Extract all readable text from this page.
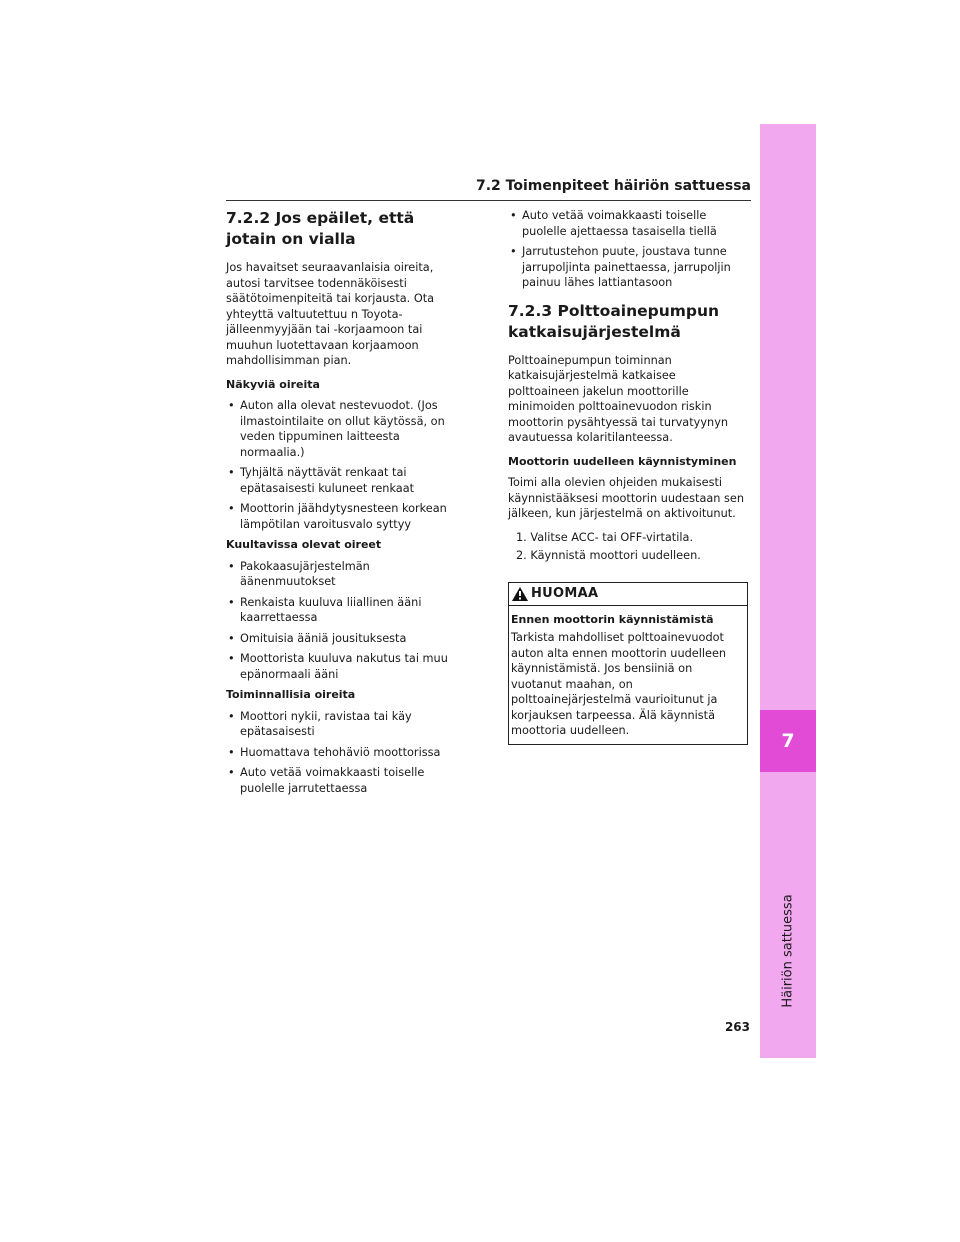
7.2 Toimenpiteet häiriön sattuessa
7
Häiriön sattuessa
7.2.2 Jos epäilet, että jotain on vialla

Jos havaitset seuraavanlaisia oireita, autosi tarvitsee todennäköisesti säätötoimenpiteitä tai korjausta. Ota yhteyttä valtuutettuu n Toyota-jälleenmyyjään tai -korjaamoon tai muuhun luotettavaan korjaamoon mahdollisimman pian.

Näkyviä oireita

• Auton alla olevat nestevuodot. (Jos ilmastointilaite on ollut käytössä, on veden tippuminen laitteesta normaalia.)
• Tyhjältä näyttävät renkaat tai epätasaisesti kuluneet renkaat
• Moottorin jäähdytysnesteen korkean lämpötilan varoitusvalo syttyy

Kuultavissa olevat oireet

• Pakokaasujärjestelmän äänenmuutokset
• Renkaista kuuluva liiallinen ääni kaarrettaessa
• Omituisia ääniä jousituksesta
• Moottorista kuuluva nakutus tai muu epänormaali ääni

Toiminnallisia oireita

• Moottori nykii, ravistaa tai käy epätasaisesti
• Huomattava tehohäviö moottorissa
• Auto vetää voimakkaasti toiselle puolelle jarrutettaessa
• Auto vetää voimakkaasti toiselle puolelle ajettaessa tasaisella tiellä
• Jarrutustehon puute, joustava tunne jarrupoljinta painettaessa, jarrupoljin painuu lähes lattiantasoon
7.2.3 Polttoainepumpun katkaisujärjestelmä

Polttoainepumpun toiminnan katkaisujärjestelmä katkaisee polttoaineen jakelun moottorille minimoiden polttoainevuodon riskin moottorin pysähtyessä tai turvatyynyn avautuessa kolaritilanteessa.

Moottorin uudelleen käynnistyminen

Toimi alla olevien ohjeiden mukaisesti käynnistääksesi moottorin uudestaan sen jälkeen, kun järjestelmä on aktivoitunut.

1. Valitse ACC- tai OFF-virtatila.
2. Käynnistä moottori uudelleen.
HUOMAA

Ennen moottorin käynnistämistä

Tarkista mahdolliset polttoainevuodot auton alta ennen moottorin uudelleen käynnistämistä. Jos bensiiniä on vuotanut maahan, on polttoainejärjestelmä vaurioitunut ja korjauksen tarpeessa. Älä käynnistä moottoria uudelleen.

263
